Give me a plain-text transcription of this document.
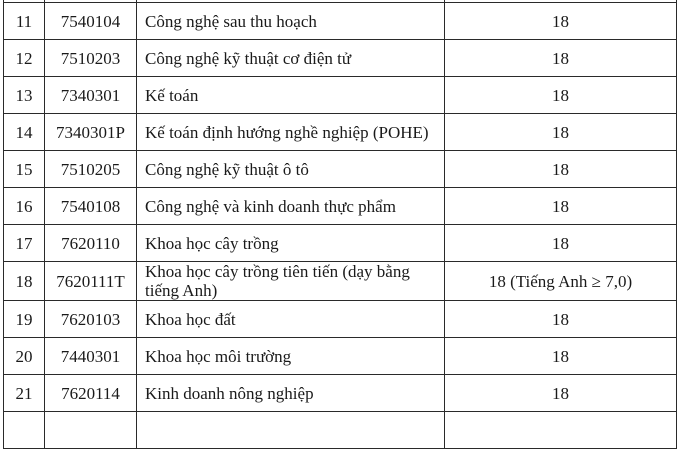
11	7540104	Công nghệ sau thu hoạch	18
12	7510203	Công nghệ kỹ thuật cơ điện tử	18
13	7340301	Kế toán	18
14	7340301P	Kế toán định hướng nghề nghiệp (POHE)	18
15	7510205	Công nghệ kỹ thuật ô tô	18
16	7540108	Công nghệ và kinh doanh thực phẩm	18
17	7620110	Khoa học cây trồng	18
18	7620111T	Khoa học cây trồng tiên tiến (dạy bằng tiếng Anh)	18 (Tiếng Anh ≥ 7,0)
19	7620103	Khoa học đất	18
20	7440301	Khoa học môi trường	18
21	7620114	Kinh doanh nông nghiệp	18
